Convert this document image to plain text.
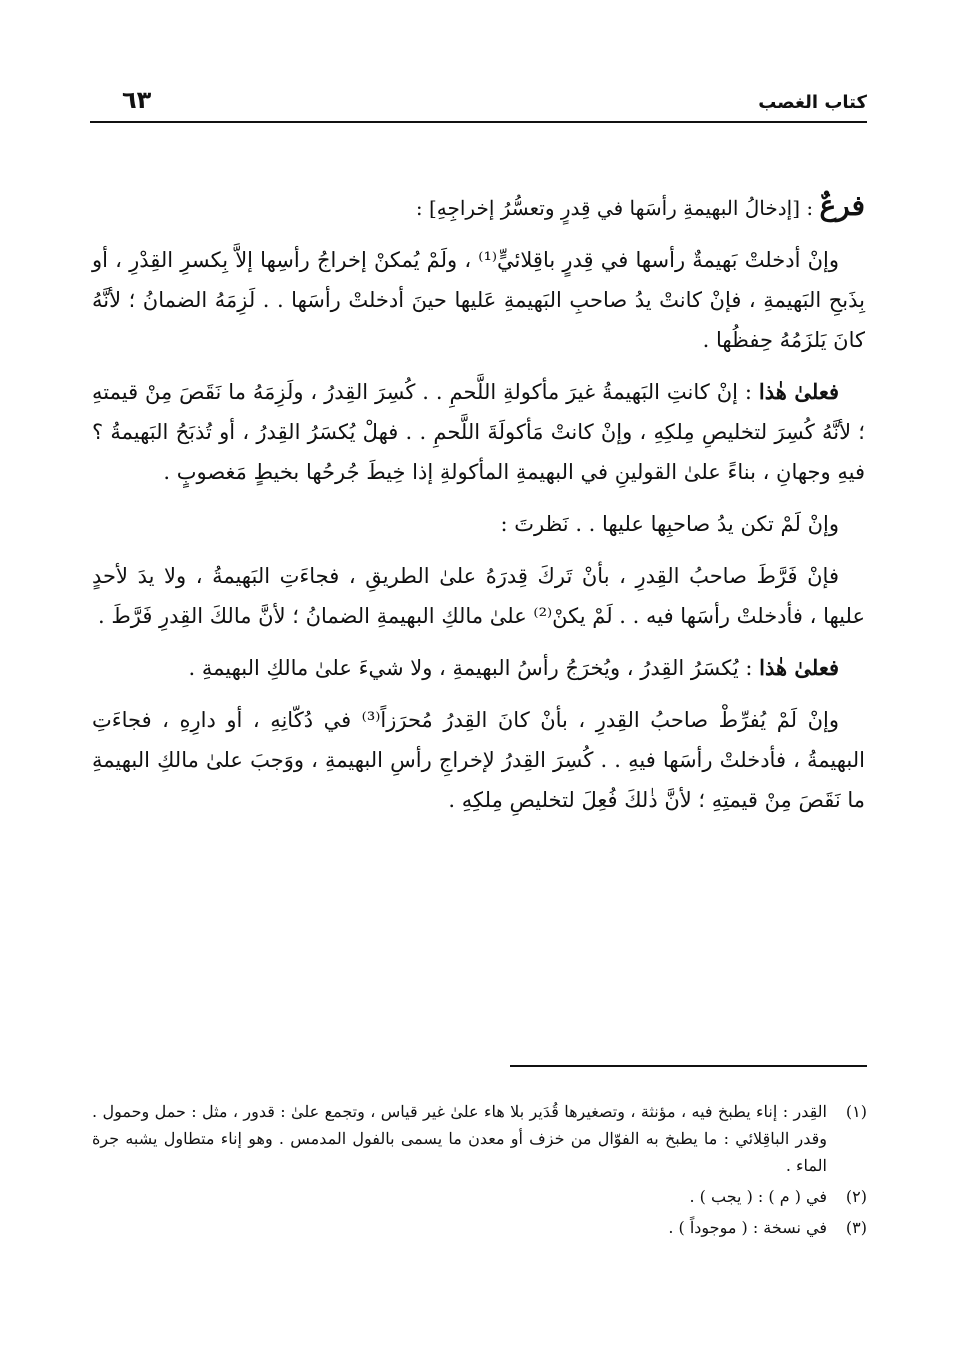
كتاب الغصب
٦٣

فرعٌ : [إدخالُ البهيمةِ رأسَها في قِدرٍ وتعسُّرُ إخراجِهِ] :

وإنْ أدخلتْ بَهيمةٌ رأسها في قِدرٍ باقِلائيٍّ⁽¹⁾ ، ولَمْ يُمكنْ إخراجُ رأسِها إلاَّ بِكسرِ القِدْرِ ، أو بِذَبحِ البَهيمةِ ، فإنْ كانتْ يدُ صاحبِ البَهيمةِ عَليها حينَ أدخلتْ رأسَها . . لَزِمَهُ الضمانُ ؛ لأنَّهُ كانَ يَلزَمُهُ حِفظُها .

فعلىٰ هٰذا : إنْ كانتِ البَهيمةُ غيرَ مأكولةِ اللَّحمِ . . كُسِرَ القِدرُ ، ولَزِمَهُ ما نَقَصَ مِنْ قيمتهِ ؛ لأنَّهُ كُسِرَ لتخليصِ مِلكِهِ ، وإنْ كانتْ مَأكولَةَ اللَّحمِ . . فهلْ يُكسَرُ القِدرُ ، أو تُذبَحُ البَهيمةُ ؟ فيهِ وجهانِ ، بناءً علىٰ القولينِ في البهيمةِ المأكولةِ إذا خِيطَ جُرحُها بخيطٍ مَغصوبٍ .

وإنْ لَمْ تكن يدُ صاحبِها عليها . . نَظرتَ :

فإنْ فَرَّطَ صاحبُ القِدرِ ، بأنْ تَركَ قِدرَهُ علىٰ الطريقِ ، فجاءَتِ البَهيمةُ ، ولا يدَ لأحدٍ عليها ، فأدخلتْ رأسَها فيه . . لَمْ يكنْ⁽²⁾ علىٰ مالكِ البهيمةِ الضمانُ ؛ لأنَّ مالكَ القِدرِ فَرَّطَ .

فعلىٰ هٰذا : يُكسَرُ القِدرُ ، ويُخرَجُ رأسُ البهيمةِ ، ولا شيءَ علىٰ مالكِ البهيمةِ .

وإنْ لَمْ يُفرِّطْ صاحبُ القِدرِ ، بأنْ كانَ القِدرُ مُحرَزاً⁽³⁾ في دُكّانِهِ ، أو دارِهِ ، فجاءَتِ البهيمةُ ، فأدخلتْ رأسَها فيهِ . . كُسِرَ القِدرُ لإخراجِ رأسِ البهيمةِ ، ووَجبَ علىٰ مالكِ البهيمةِ ما نَقَصَ مِنْ قيمتِهِ ؛ لأنَّ ذٰلكَ فُعِلَ لتخليصِ مِلكِهِ .

(١)
القِدر : إناء يطبخ فيه ، مؤنثة ، وتصغيرها قُدَير بلا هاء علىٰ غير قياس ، وتجمع علىٰ : قدور ، مثل : حمل وحمول . وقدر الباقِلائي : ما يطبخ به الفوّال من خزف أو معدن ما يسمى بالفول المدمس . وهو إناء متطاول يشبه جرة الماء .
(٢)
في ( م ) : ( يجب ) .
(٣)
في نسخة : ( موجوداً ) .
